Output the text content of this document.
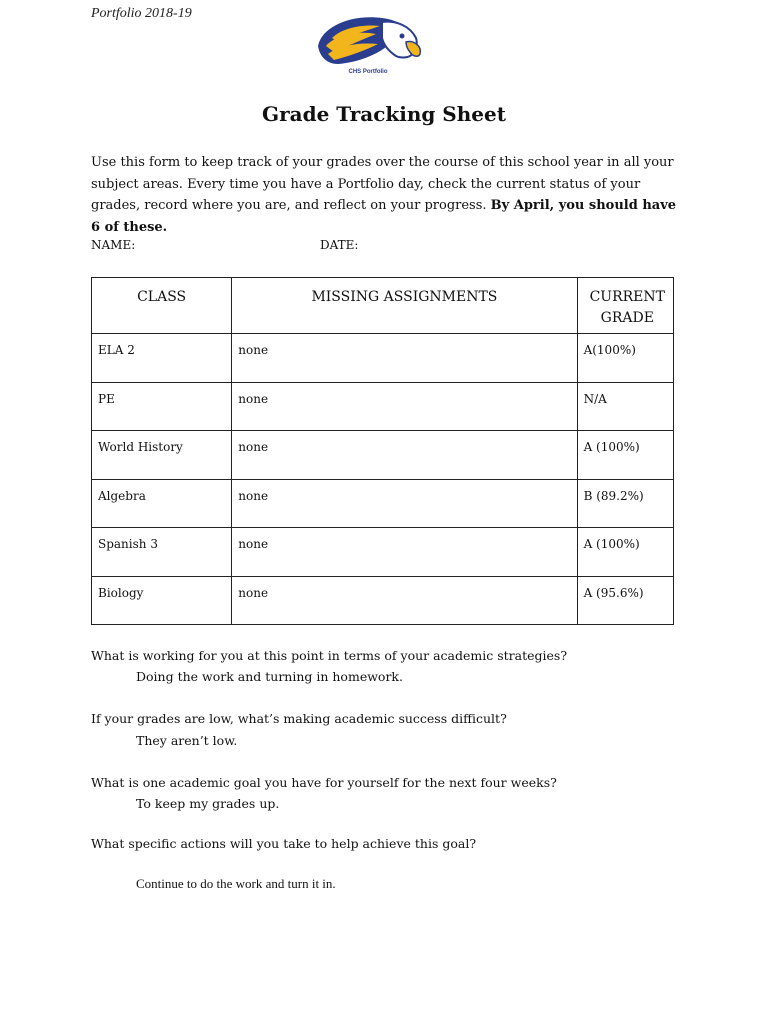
Portfolio 2018-19
CHS Portfolio
Grade Tracking Sheet
Use this form to keep track of your grades over the course of this school year in all your subject areas. Every time you have a Portfolio day, check the current status of your grades, record where you are, and reflect on your progress. By April, you should have 6 of these.
NAME:	DATE:
CLASS	MISSING ASSIGNMENTS	CURRENT GRADE
ELA 2	none	A(100%)
PE	none	N/A
World History	none	A (100%)
Algebra	none	B (89.2%)
Spanish 3	none	A (100%)
Biology	none	A (95.6%)
What is working for you at this point in terms of your academic strategies?
Doing the work and turning in homework.
If your grades are low, what’s making academic success difficult?
They aren’t low.
What is one academic goal you have for yourself for the next four weeks?
To keep my grades up.
What specific actions will you take to help achieve this goal?
Continue to do the work and turn it in.
